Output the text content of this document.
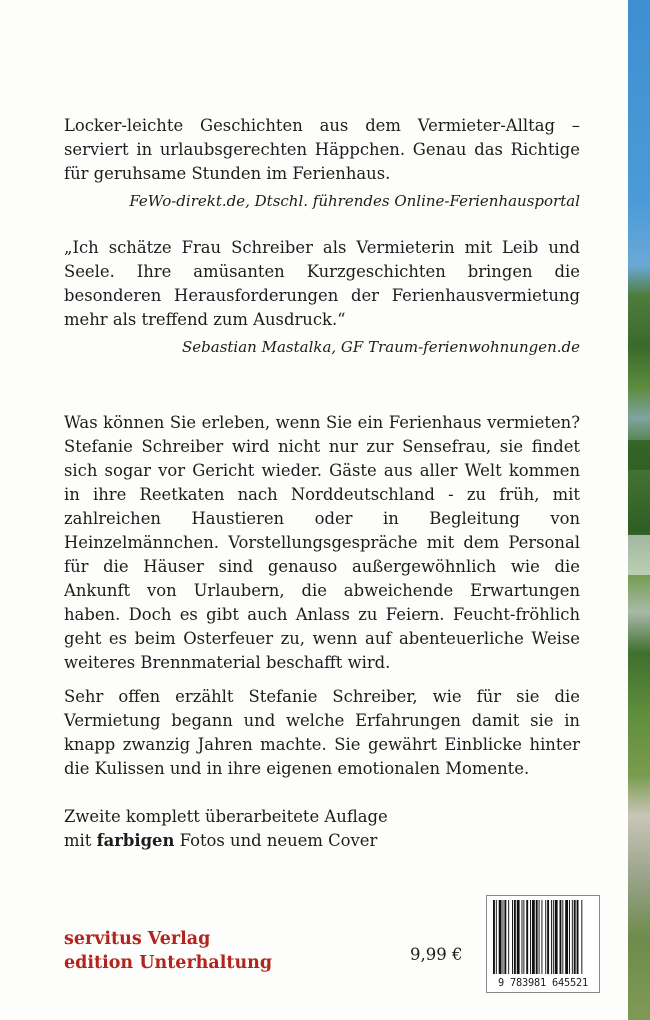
Locker-leichte Geschichten aus dem Vermieter-Alltag – serviert in urlaubsgerechten Häppchen. Genau das Richtige für geruhsame Stunden im Ferienhaus.
FeWo-direkt.de, Dtschl. führendes Online-Ferienhausportal
„Ich schätze Frau Schreiber als Vermieterin mit Leib und Seele. Ihre amüsanten Kurzgeschichten bringen die besonderen Herausforderungen der Ferienhausvermietung mehr als treffend zum Ausdruck.“
Sebastian Mastalka, GF Traum-ferienwohnungen.de
Was können Sie erleben, wenn Sie ein Ferienhaus vermieten? Stefanie Schreiber wird nicht nur zur Sensefrau, sie findet sich sogar vor Gericht wieder. Gäste aus aller Welt kommen in ihre Reetkaten nach Norddeutschland - zu früh, mit zahlreichen Haustieren oder in Begleitung von Heinzelmännchen. Vorstellungsgespräche mit dem Personal für die Häuser sind genauso außergewöhnlich wie die Ankunft von Urlaubern, die abweichende Erwartungen haben. Doch es gibt auch Anlass zu Feiern. Feucht-fröhlich geht es beim Osterfeuer zu, wenn auf abenteuerliche Weise weiteres Brennmaterial beschafft wird.
Sehr offen erzählt Stefanie Schreiber, wie für sie die Vermietung begann und welche Erfahrungen damit sie in knapp zwanzig Jahren machte. Sie gewährt Einblicke hinter die Kulissen und in ihre eigenen emotionalen Momente.
Zweite komplett überarbeitete Auflage
mit farbigen Fotos und neuem Cover
servitus Verlag
edition Unterhaltung	9,99 €
9 783981 645521
